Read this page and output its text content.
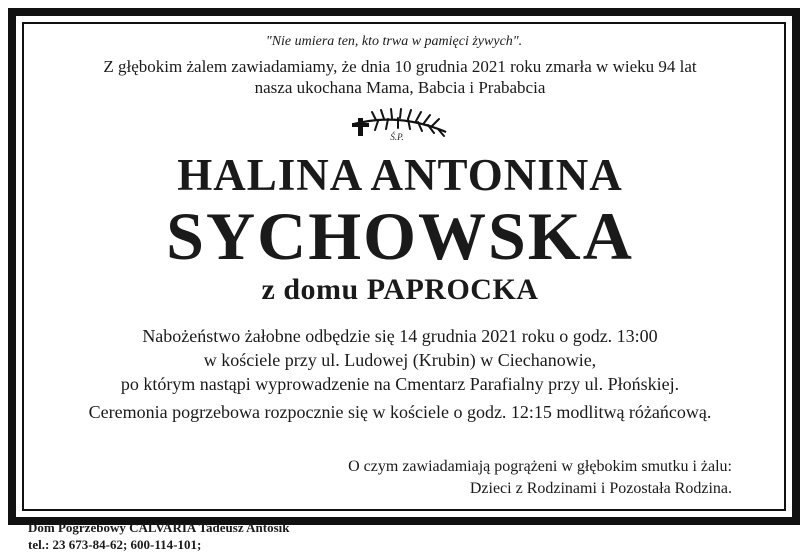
"Nie umiera ten, kto trwa w pamięci żywych".
Z głębokim żalem zawiadamiamy, że dnia 10 grudnia 2021 roku zmarła w wieku 94 lat
nasza ukochana Mama, Babcia i Prababcia
Ś.P.
HALINA ANTONINA
SYCHOWSKA
z domu PAPROCKA
Nabożeństwo żałobne odbędzie się 14 grudnia 2021 roku o godz. 13:00
w kościele przy ul. Ludowej (Krubin) w Ciechanowie,
po którym nastąpi wyprowadzenie na Cmentarz Parafialny przy ul. Płońskiej.
Ceremonia pogrzebowa rozpocznie się w kościele o godz. 12:15 modlitwą różańcową.
O czym zawiadamiają pogrążeni w głębokim smutku i żalu:
Dzieci z Rodzinami i Pozostała Rodzina.
Dom Pogrzebowy CALVARIA Tadeusz Antosik
tel.: 23 673-84-62; 600-114-101;
